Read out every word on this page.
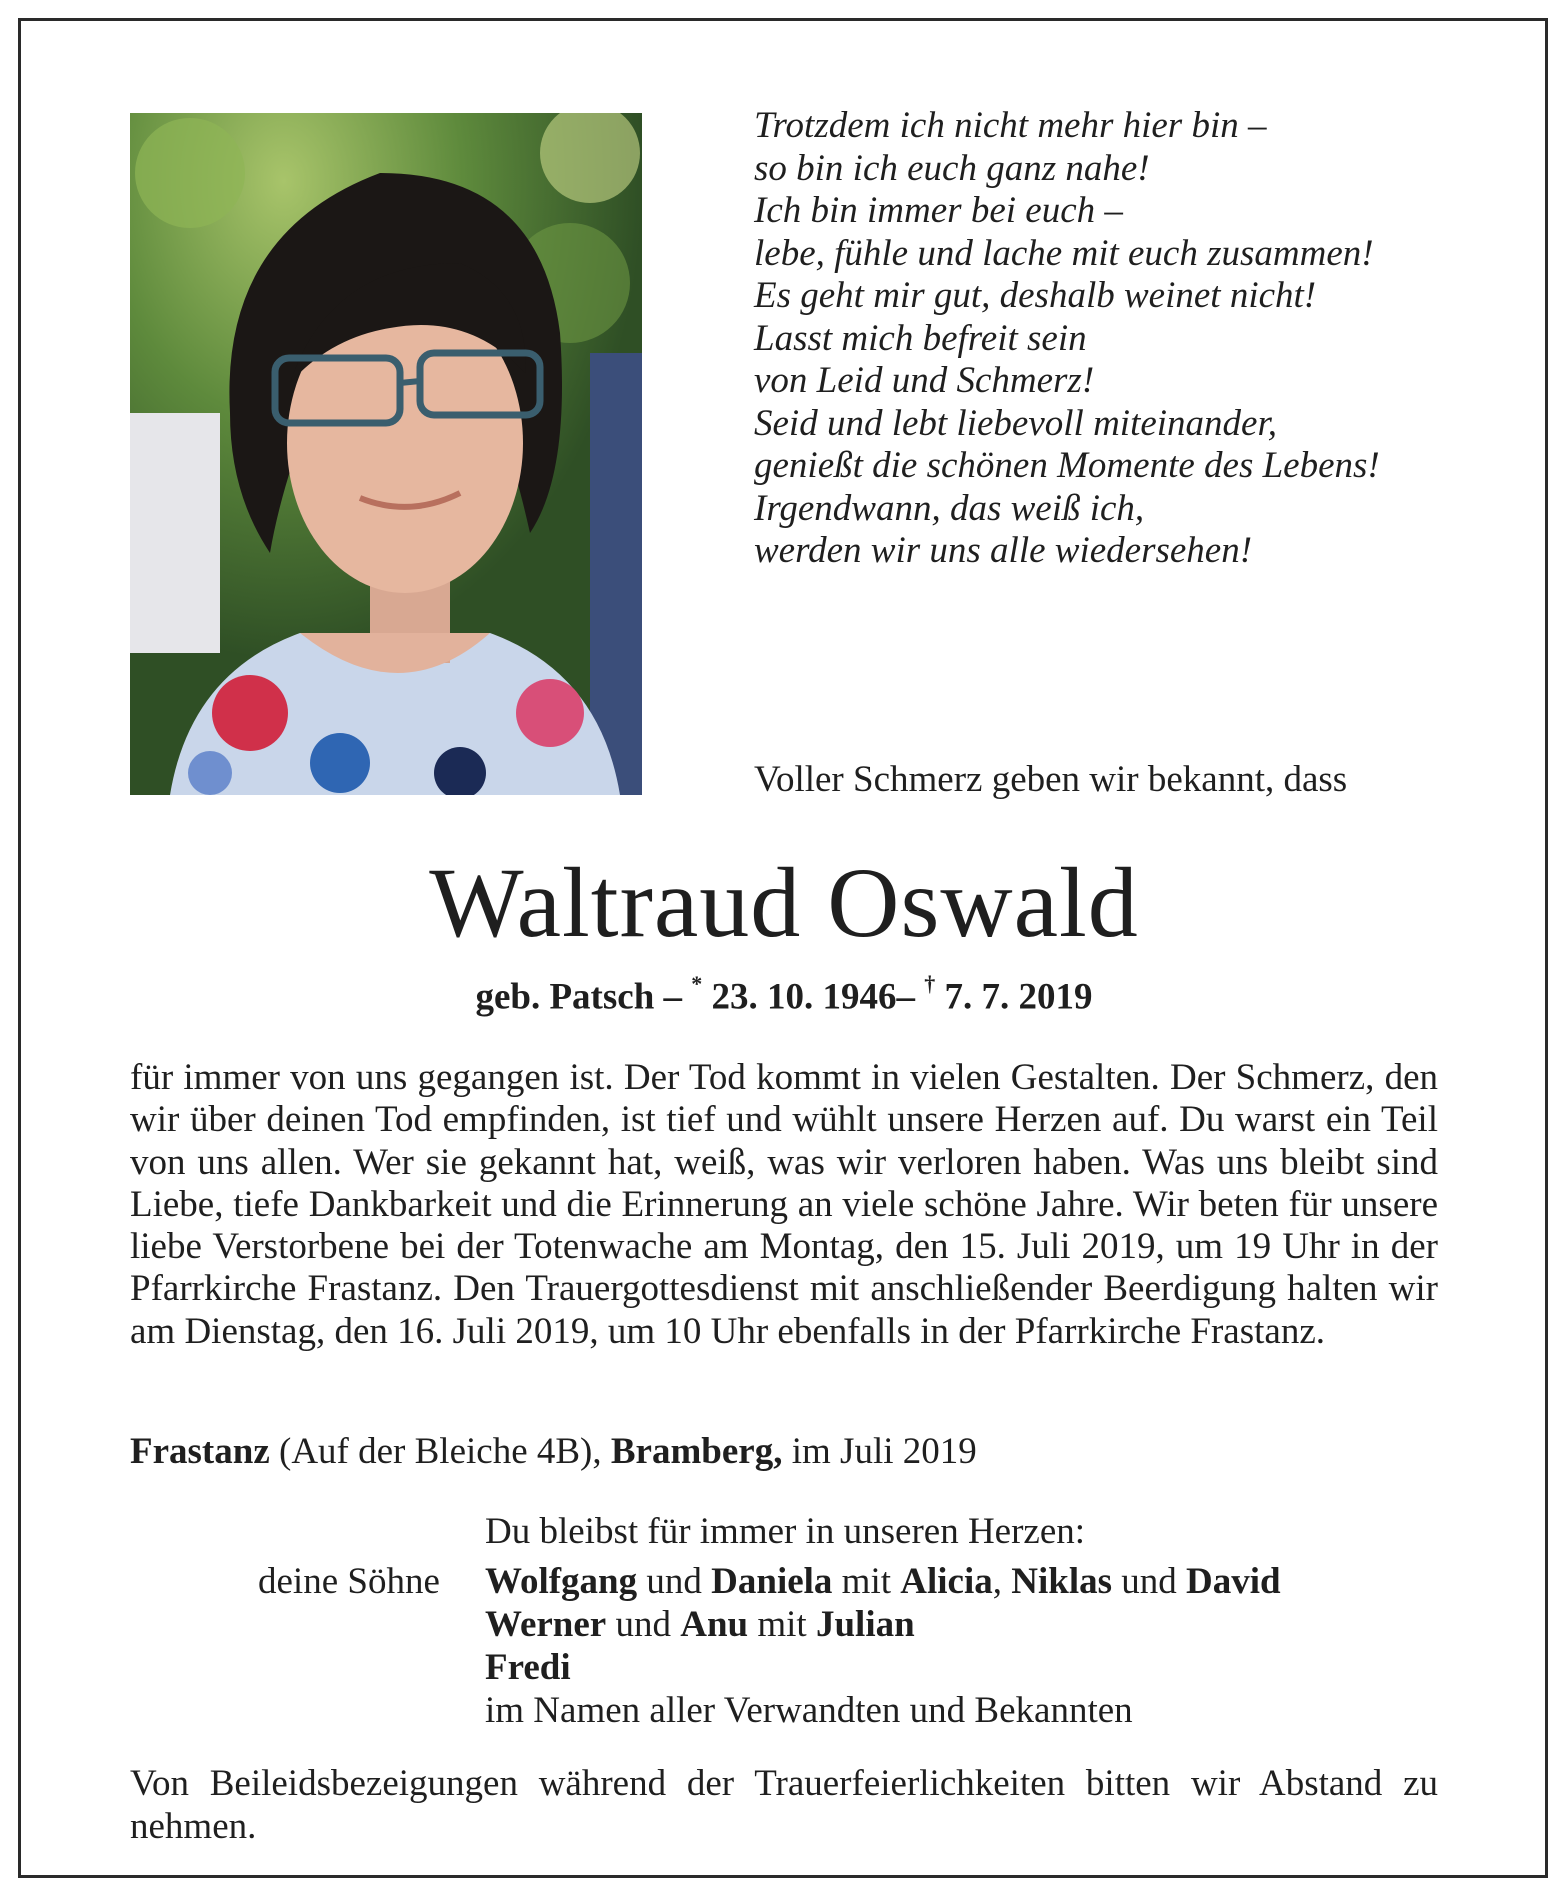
Trotzdem ich nicht mehr hier bin –
so bin ich euch ganz nahe!
Ich bin immer bei euch –
lebe, fühle und lache mit euch zusammen!
Es geht mir gut, deshalb weinet nicht!
Lasst mich befreit sein
von Leid und Schmerz!
Seid und lebt liebevoll miteinander,
genießt die schönen Momente des Lebens!
Irgendwann, das weiß ich,
werden wir uns alle wiedersehen!
Voller Schmerz geben wir bekannt, dass
Waltraud Oswald
geb. Patsch – * 23. 10. 1946– † 7. 7. 2019
für immer von uns gegangen ist. Der Tod kommt in vielen Gestalten. Der Schmerz, den wir über deinen Tod empfinden, ist tief und wühlt unsere Herzen auf. Du warst ein Teil von uns allen. Wer sie gekannt hat, weiß, was wir verloren haben. Was uns bleibt sind Liebe, tiefe Dankbarkeit und die Erinnerung an viele schöne Jahre. Wir beten für unsere liebe Verstorbene bei der Totenwache am Montag, den 15. Juli 2019, um 19 Uhr in der Pfarrkirche Frastanz. Den Trauergottesdienst mit anschließender Beerdigung halten wir am Dienstag, den 16. Juli 2019, um 10 Uhr ebenfalls in der Pfarrkirche Frastanz.
Frastanz (Auf der Bleiche 4B), Bramberg, im Juli 2019
Du bleibst für immer in unseren Herzen:
deine Söhne Wolfgang und Daniela mit Alicia, Niklas und David
Werner und Anu mit Julian
Fredi
im Namen aller Verwandten und Bekannten
Von Beileidsbezeigungen während der Trauerfeierlichkeiten bitten wir Abstand zu nehmen.
